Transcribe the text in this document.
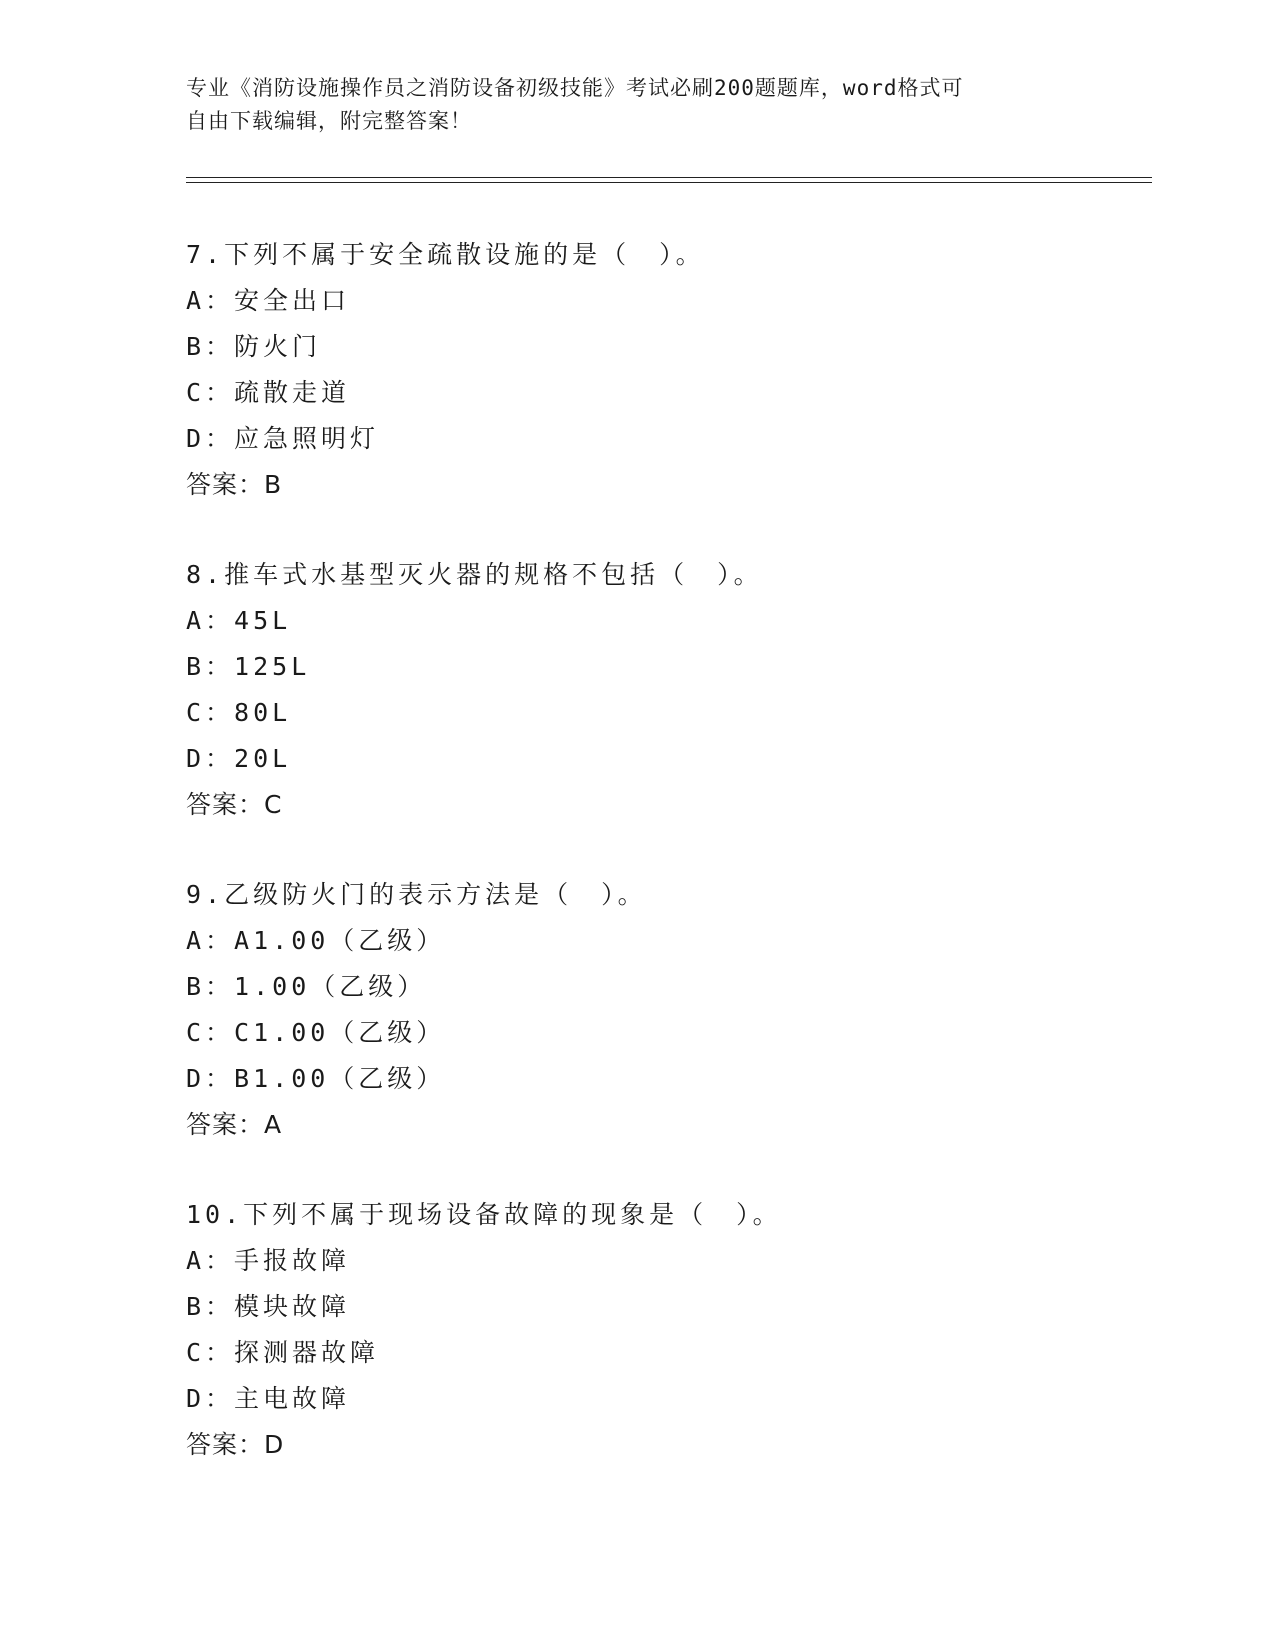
专业《消防设施操作员之消防设备初级技能》考试必刷200题题库，word格式可
自由下载编辑，附完整答案！

7.下列不属于安全疏散设施的是（　）。

A：安全出口

B：防火门

C：疏散走道

D：应急照明灯

答案：B

8.推车式水基型灭火器的规格不包括（　）。

A：45L

B：125L

C：80L

D：20L

答案：C

9.乙级防火门的表示方法是（　）。

A：A1.00（乙级）

B：1.00（乙级）

C：C1.00（乙级）

D：B1.00（乙级）

答案：A

10.下列不属于现场设备故障的现象是（　）。

A：手报故障

B：模块故障

C：探测器故障

D：主电故障

答案：D
